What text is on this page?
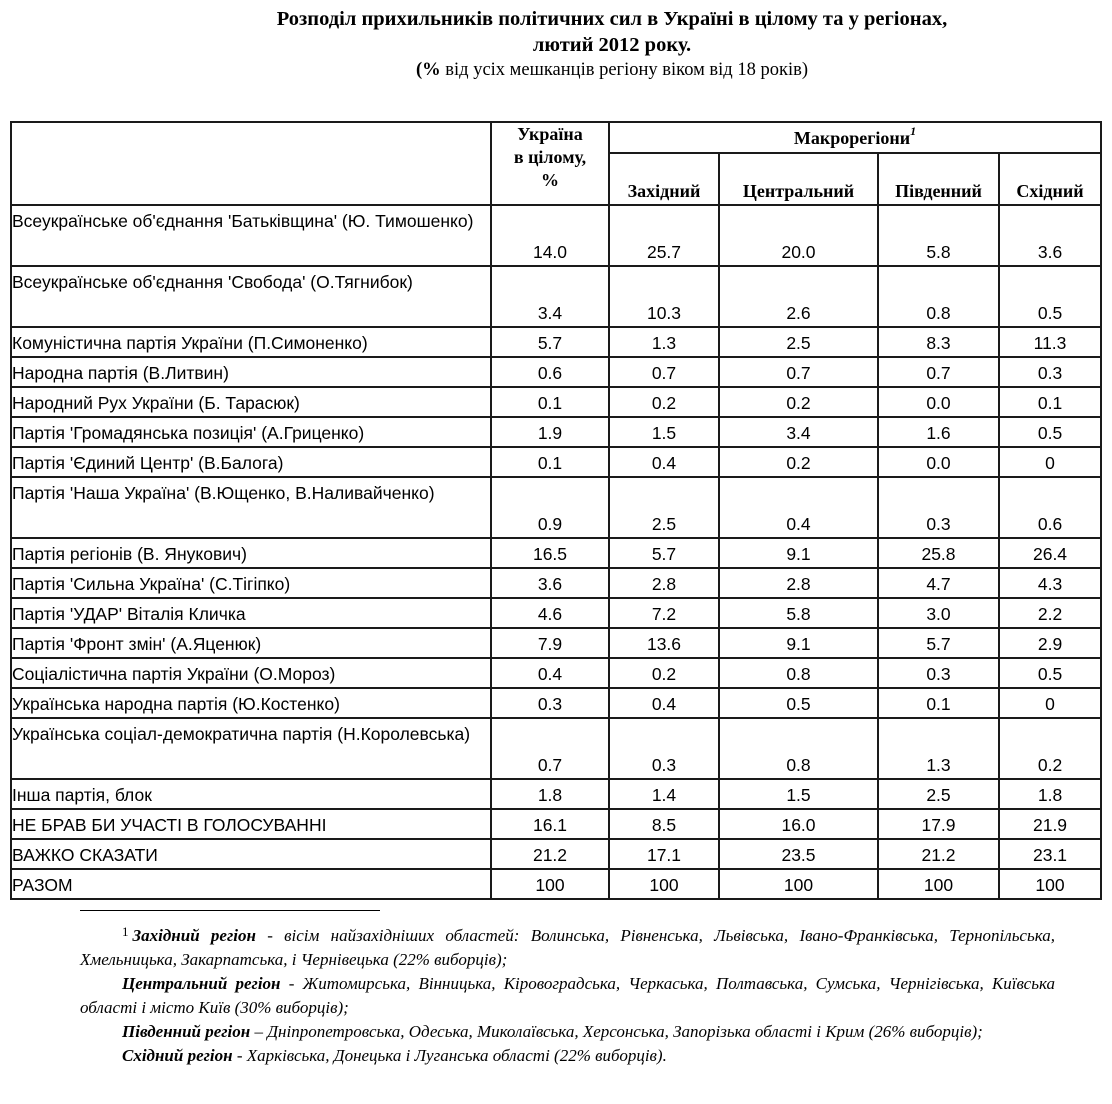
Розподіл прихильників політичних сил в Україні в цілому та у регіонах,
лютий 2012 року.
(% від усіх мешканців регіону віком від 18 років)

	Україна
в цілому,
%	Макрорегіони$^1$
		Західний	Центральний	Південний	Східний
Всеукраїнське об'єднання 'Батьківщина' (Ю. Тимошенко)	14.0	25.7	20.0	5.8	3.6
Всеукраїнське об'єднання 'Свобода' (О.Тягнибок)	3.4	10.3	2.6	0.8	0.5
Комуністична партія України (П.Симоненко)	5.7	1.3	2.5	8.3	11.3
Народна партія (В.Литвин)	0.6	0.7	0.7	0.7	0.3
Народний Рух України (Б. Тарасюк)	0.1	0.2	0.2	0.0	0.1
Партія 'Громадянська позиція' (А.Гриценко)	1.9	1.5	3.4	1.6	0.5
Партія 'Єдиний Центр' (В.Балога)	0.1	0.4	0.2	0.0	0
Партія 'Наша Україна' (В.Ющенко, В.Наливайченко)	0.9	2.5	0.4	0.3	0.6
Партія регіонів (В. Янукович)	16.5	5.7	9.1	25.8	26.4
Партія 'Сильна Україна' (С.Тігіпко)	3.6	2.8	2.8	4.7	4.3
Партія 'УДАР' Віталія Кличка	4.6	7.2	5.8	3.0	2.2
Партія 'Фронт змін' (А.Яценюк)	7.9	13.6	9.1	5.7	2.9
Соціалістична партія України (О.Мороз)	0.4	0.2	0.8	0.3	0.5
Українська народна партія (Ю.Костенко)	0.3	0.4	0.5	0.1	0
Українська соціал-демократична партія (Н.Королевська)	0.7	0.3	0.8	1.3	0.2
Інша партія, блок	1.8	1.4	1.5	2.5	1.8
НЕ БРАВ БИ УЧАСТІ В ГОЛОСУВАННІ	16.1	8.5	16.0	17.9	21.9
ВАЖКО СКАЗАТИ	21.2	17.1	23.5	21.2	23.1
РАЗОМ	100	100	100	100	100

$^1$ Західний регіон - вісім найзахідніших областей: Волинська, Рівненська, Львівська, Івано-Франківська, Тернопільська, Хмельницька, Закарпатська, і Чернівецька (22% виборців);

Центральний регіон - Житомирська, Вінницька, Кіровоградська, Черкаська, Полтавська, Сумська, Чернігівська, Київська області і місто Київ (30% виборців);

Південний регіон – Дніпропетровська, Одеська, Миколаївська, Херсонська, Запорізька області і Крим (26% виборців);

Східний регіон - Харківська, Донецька і Луганська області (22% виборців).
